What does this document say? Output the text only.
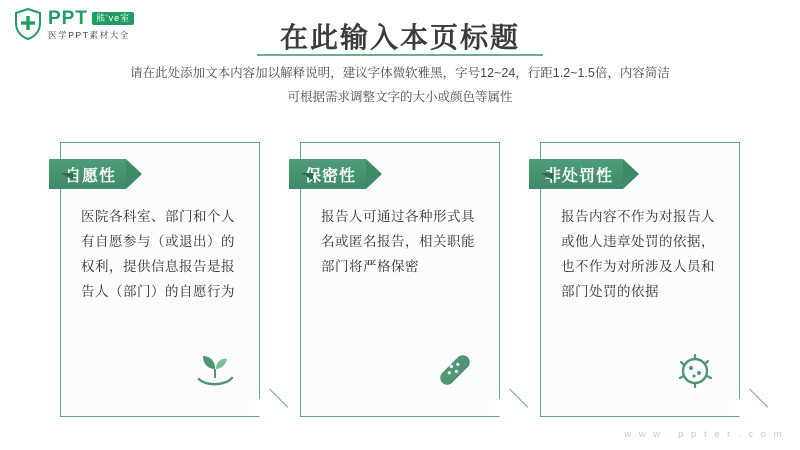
PPT 熊've室
医学PPT素材大全	在此输入本页标题
请在此处添加文本内容加以解释说明，建议字体微软雅黑，字号12~24，行距1.2~1.5倍，内容简洁
可根据需求调整文字的大小或颜色等属性
自愿性
医院各科室、部门和个人有自愿参与（或退出）的权利，提供信息报告是报告人（部门）的自愿行为
保密性
报告人可通过各种形式具名或匿名报告，相关职能部门将严格保密
非处罚性
报告内容不作为对报告人或他人违章处罚的依据，也不作为对所涉及人员和部门处罚的依据
w w w . p p t e r . c o m
